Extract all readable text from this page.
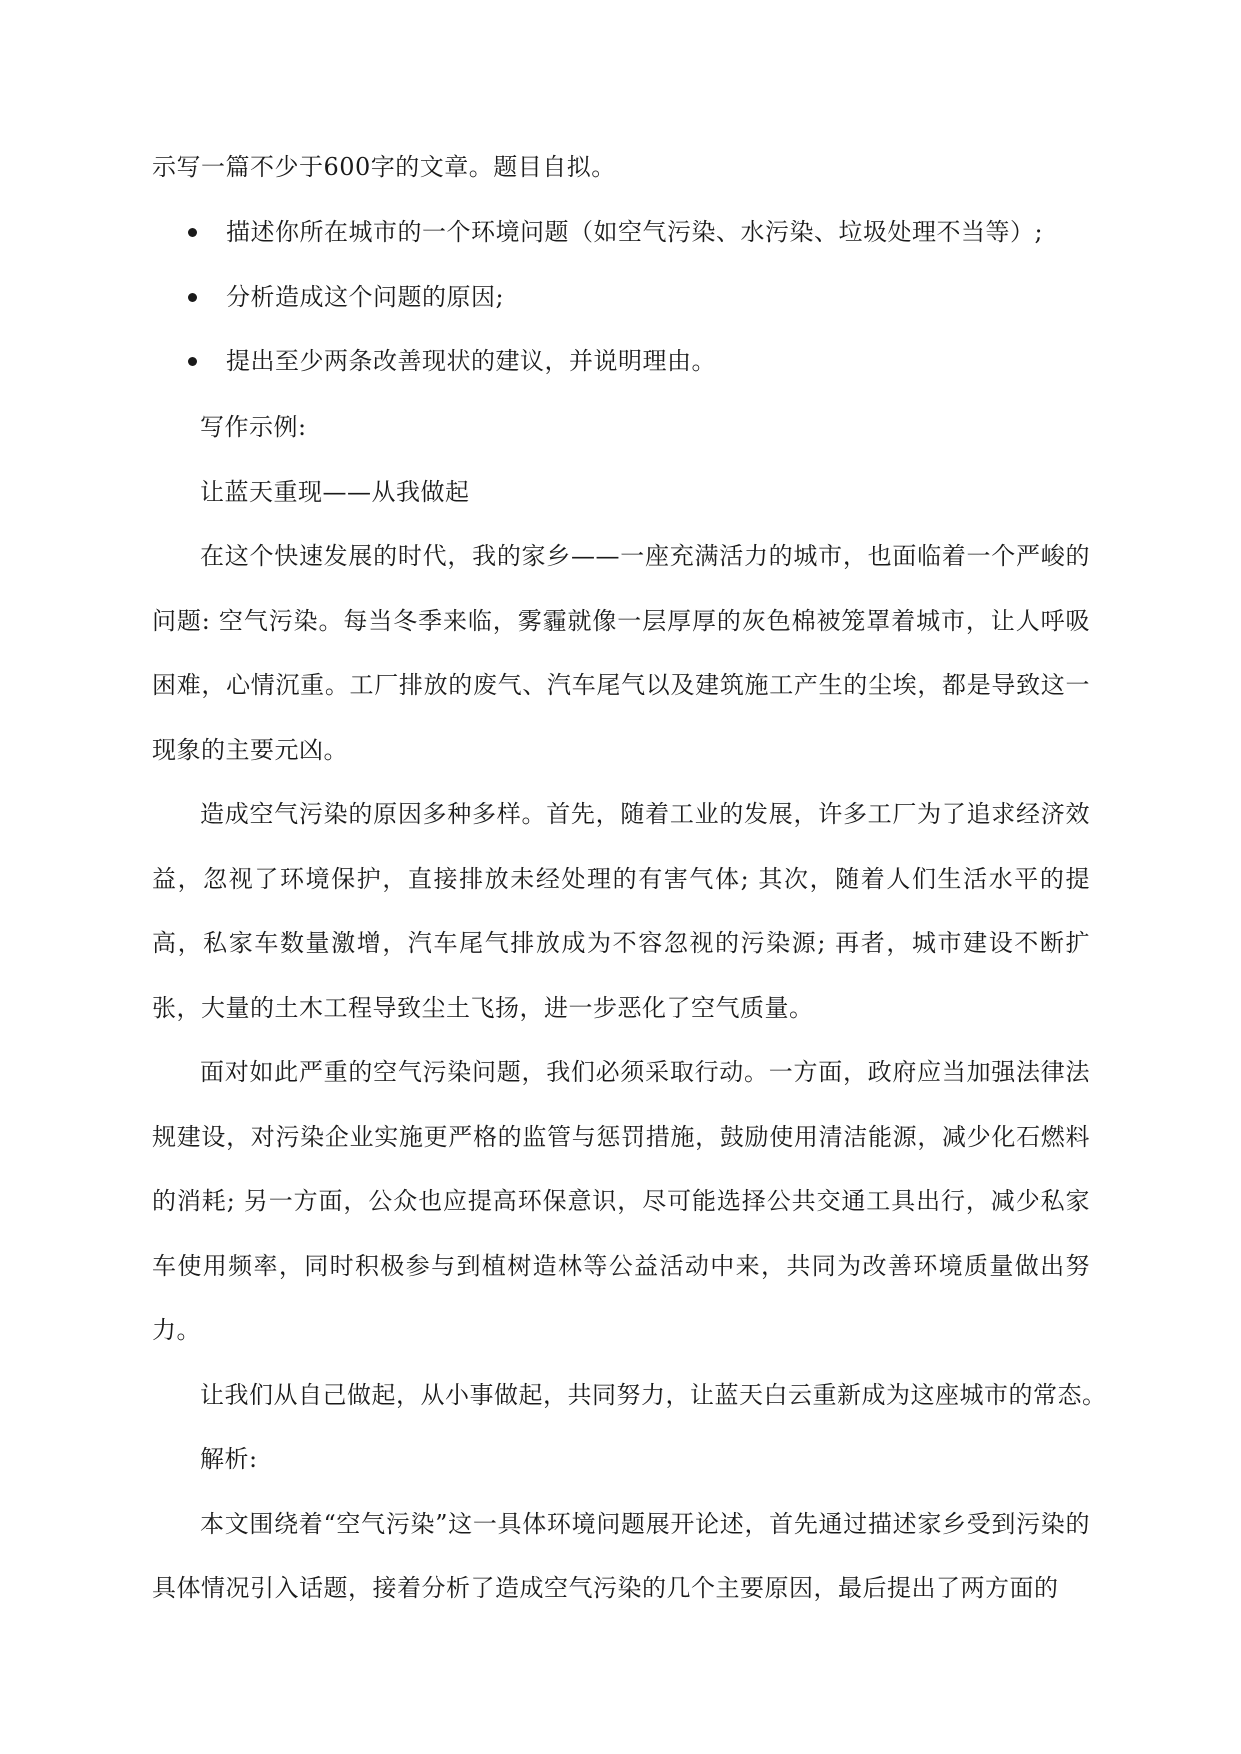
示写一篇不少于600字的文章。题目自拟。

描述你所在城市的一个环境问题（如空气污染、水污染、垃圾处理不当等）;
分析造成这个问题的原因;
提出至少两条改善现状的建议，并说明理由。

写作示例:

让蓝天重现——从我做起

在这个快速发展的时代，我的家乡——一座充满活力的城市，也面临着一个严峻的问题: 空气污染。每当冬季来临，雾霾就像一层厚厚的灰色棉被笼罩着城市，让人呼吸困难，心情沉重。工厂排放的废气、汽车尾气以及建筑施工产生的尘埃，都是导致这一现象的主要元凶。

造成空气污染的原因多种多样。首先，随着工业的发展，许多工厂为了追求经济效益，忽视了环境保护，直接排放未经处理的有害气体; 其次，随着人们生活水平的提高，私家车数量激增，汽车尾气排放成为不容忽视的污染源; 再者，城市建设不断扩张，大量的土木工程导致尘土飞扬，进一步恶化了空气质量。

面对如此严重的空气污染问题，我们必须采取行动。一方面，政府应当加强法律法规建设，对污染企业实施更严格的监管与惩罚措施，鼓励使用清洁能源，减少化石燃料的消耗; 另一方面，公众也应提高环保意识，尽可能选择公共交通工具出行，减少私家车使用频率，同时积极参与到植树造林等公益活动中来，共同为改善环境质量做出努力。

让我们从自己做起，从小事做起，共同努力，让蓝天白云重新成为这座城市的常态。

解析:

本文围绕着“空气污染”这一具体环境问题展开论述，首先通过描述家乡受到污染的具体情况引入话题，接着分析了造成空气污染的几个主要原因，最后提出了两方面的
